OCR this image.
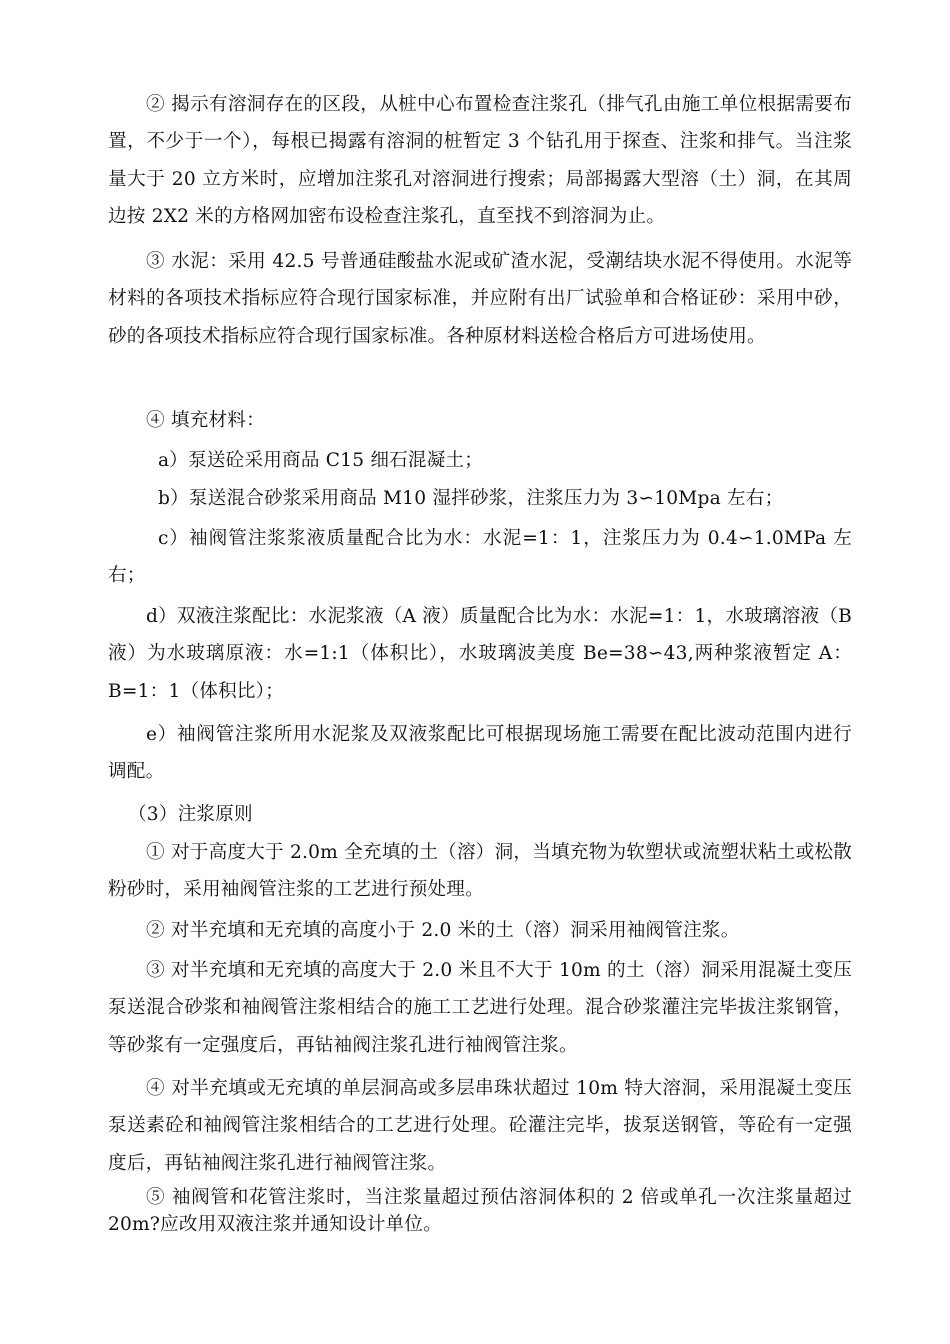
② 揭示有溶洞存在的区段，从桩中心布置检查注浆孔（排气孔由施工单位根据需要布置，不少于一个），每根已揭露有溶洞的桩暂定 3 个钻孔用于探查、注浆和排气。当注浆量大于 20 立方米时，应增加注浆孔对溶洞进行搜索；局部揭露大型溶（土）洞，在其周边按 2X2 米的方格网加密布设检查注浆孔，直至找不到溶洞为止。

③ 水泥：采用 42.5 号普通硅酸盐水泥或矿渣水泥，受潮结块水泥不得使用。水泥等材料的各项技术指标应符合现行国家标准，并应附有出厂试验单和合格证砂：采用中砂，砂的各项技术指标应符合现行国家标准。各种原材料送检合格后方可进场使用。

④ 填充材料：

a）泵送砼采用商品 C15 细石混凝土；

b）泵送混合砂浆采用商品 M10 湿拌砂浆，注浆压力为 3∽10Mpa 左右；

c）袖阀管注浆浆液质量配合比为水：水泥=1：1，注浆压力为 0.4∽1.0MPa 左右；

d）双液注浆配比：水泥浆液（A 液）质量配合比为水：水泥=1：1，水玻璃溶液（B 液）为水玻璃原液：水=1:1（体积比），水玻璃波美度 Be=38∽43,两种浆液暂定 A：B=1：1（体积比）；

e）袖阀管注浆所用水泥浆及双液浆配比可根据现场施工需要在配比波动范围内进行调配。

（3）注浆原则

① 对于高度大于 2.0m 全充填的土（溶）洞，当填充物为软塑状或流塑状粘土或松散粉砂时，采用袖阀管注浆的工艺进行预处理。

② 对半充填和无充填的高度小于 2.0 米的土（溶）洞采用袖阀管注浆。

③ 对半充填和无充填的高度大于 2.0 米且不大于 10m 的土（溶）洞采用混凝土变压泵送混合砂浆和袖阀管注浆相结合的施工工艺进行处理。混合砂浆灌注完毕拔注浆钢管，等砂浆有一定强度后，再钻袖阀注浆孔进行袖阀管注浆。

④ 对半充填或无充填的单层洞高或多层串珠状超过 10m 特大溶洞，采用混凝土变压泵送素砼和袖阀管注浆相结合的工艺进行处理。砼灌注完毕，拔泵送钢管，等砼有一定强度后，再钻袖阀注浆孔进行袖阀管注浆。

⑤ 袖阀管和花管注浆时，当注浆量超过预估溶洞体积的 2 倍或单孔一次注浆量超过 20m?应改用双液注浆并通知设计单位。
